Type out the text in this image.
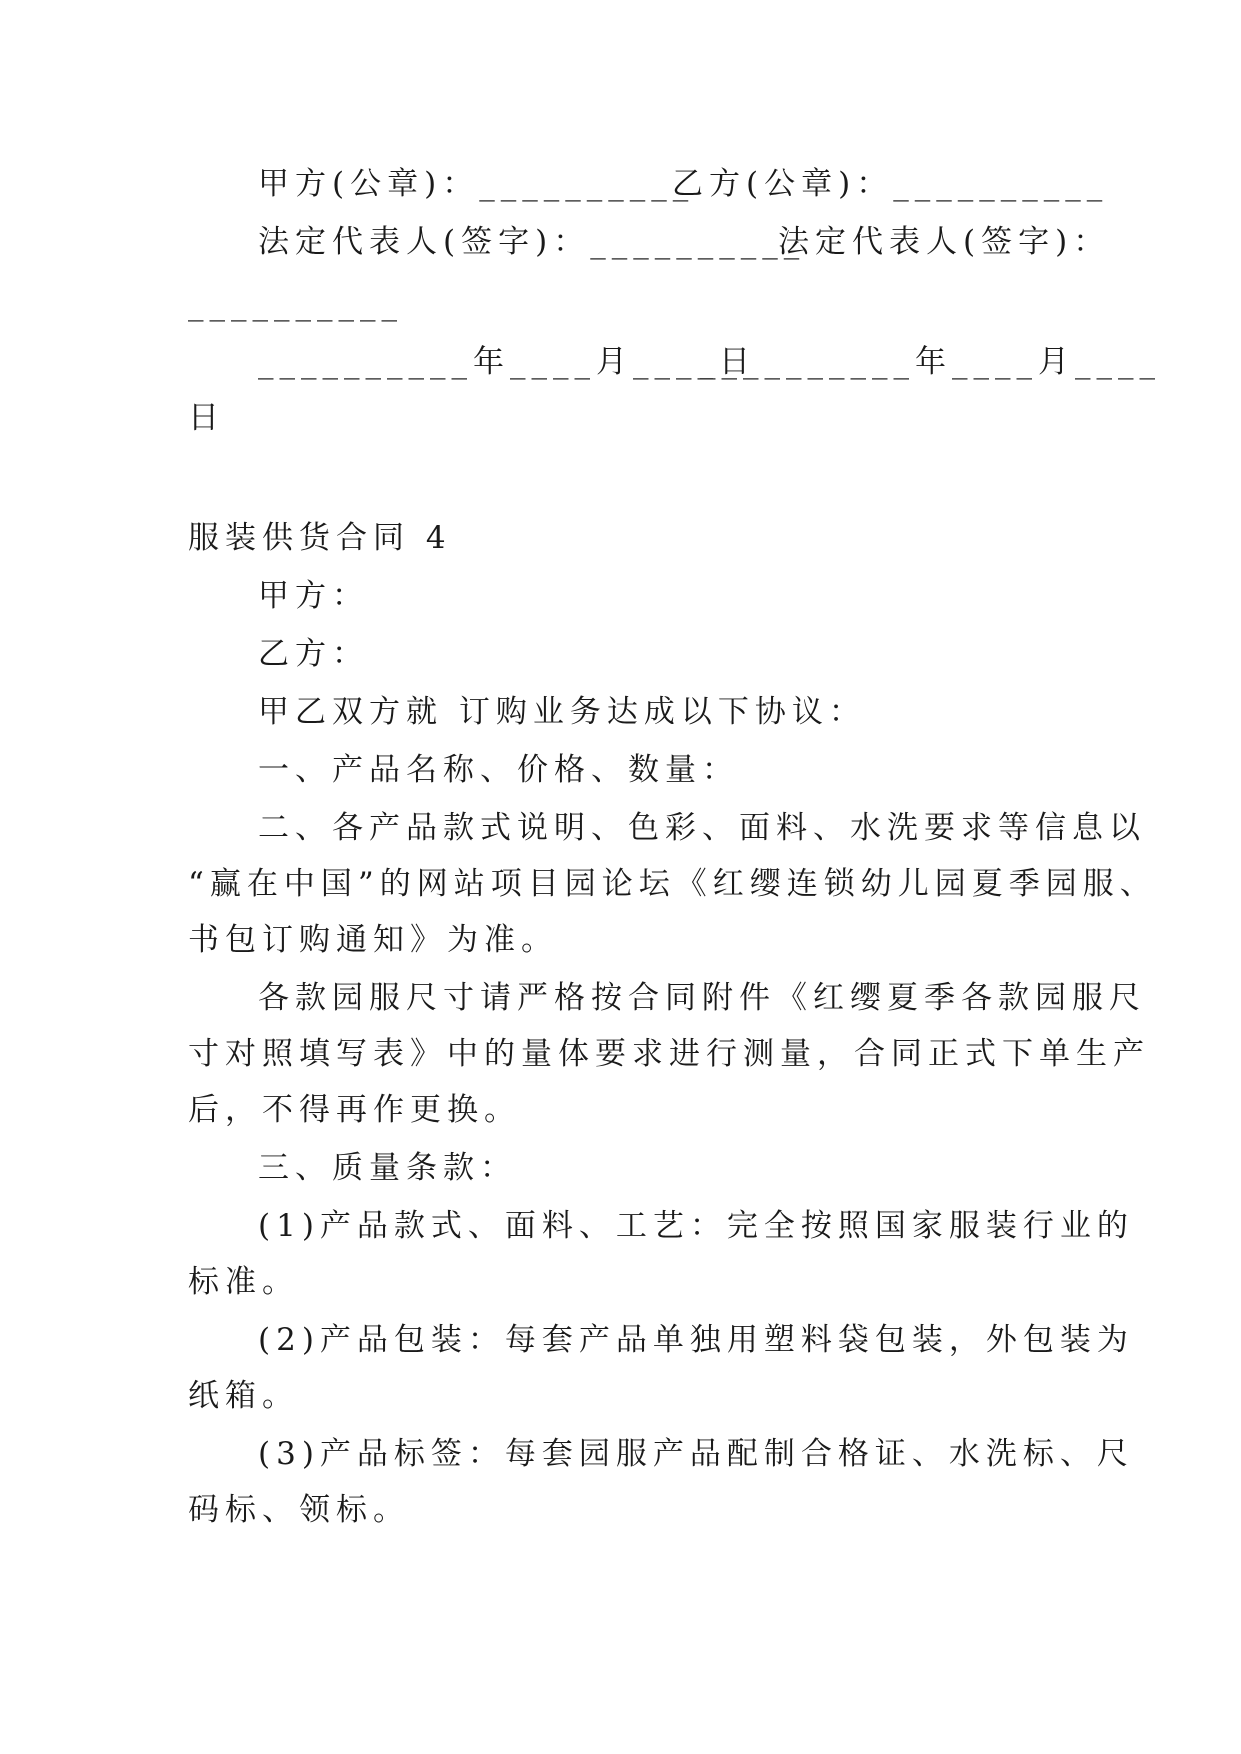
甲方(公章)：__________
乙方(公章)：__________
法定代表人(签字)：__________
法定代表人(签字)：
__________
__________年____月____日
__________年____月____
日
服装供货合同 4
甲方：
乙方：
甲乙双方就 订购业务达成以下协议：
一、产品名称、价格、数量：
二、各产品款式说明、色彩、面料、水洗要求等信息以
“赢在中国”的网站项目园论坛《红缨连锁幼儿园夏季园服、
书包订购通知》为准。
各款园服尺寸请严格按合同附件《红缨夏季各款园服尺
寸对照填写表》中的量体要求进行测量，合同正式下单生产
后，不得再作更换。
三、质量条款：
(1)产品款式、面料、工艺：完全按照国家服装行业的
标准。
(2)产品包装：每套产品单独用塑料袋包装，外包装为
纸箱。
(3)产品标签：每套园服产品配制合格证、水洗标、尺
码标、领标。
